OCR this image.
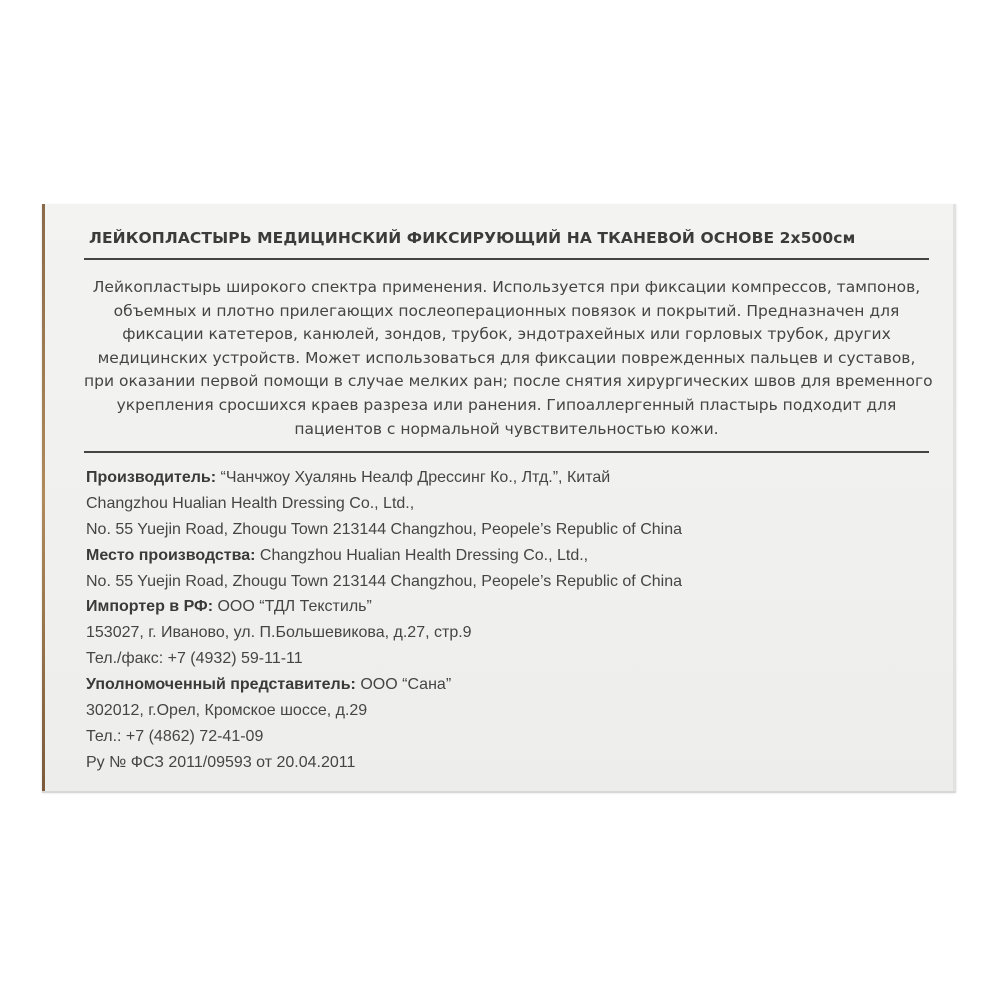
ЛЕЙКОПЛАСТЫРЬ МЕДИЦИНСКИЙ ФИКСИРУЮЩИЙ НА ТКАНЕВОЙ ОСНОВЕ 2х500см
Лейкопластырь широкого спектра применения. Используется при фиксации компрессов, тампонов,
объемных и плотно прилегающих послеоперационных повязок и покрытий. Предназначен для
фиксации катетеров, канюлей, зондов, трубок, эндотрахейных или горловых трубок, других
медицинских устройств. Может использоваться для фиксации поврежденных пальцев и суставов,
при оказании первой помощи в случае мелких ран; после снятия хирургических швов для временного
укрепления сросшихся краев разреза или ранения. Гипоаллергенный пластырь подходит для
пациентов с нормальной чувствительностью кожи.
Производитель: “Чанчжоу Хуалянь Неалф Дрессинг Ко., Лтд.”, Китай
Changzhou Hualian Health Dressing Co., Ltd.,
No. 55 Yuejin Road, Zhougu Town 213144 Changzhou, Peopele’s Republic of China
Место производства: Changzhou Hualian Health Dressing Co., Ltd.,
No. 55 Yuejin Road, Zhougu Town 213144 Changzhou, Peopele’s Republic of China
Импортер в РФ: ООО “ТДЛ Текстиль”
153027, г. Иваново, ул. П.Большевикова, д.27, стр.9
Тел./факс: +7 (4932) 59-11-11
Уполномоченный представитель: ООО “Сана”
302012, г.Орел, Кромское шоссе, д.29
Тел.: +7 (4862) 72-41-09
Ру № ФСЗ 2011/09593 от 20.04.2011
